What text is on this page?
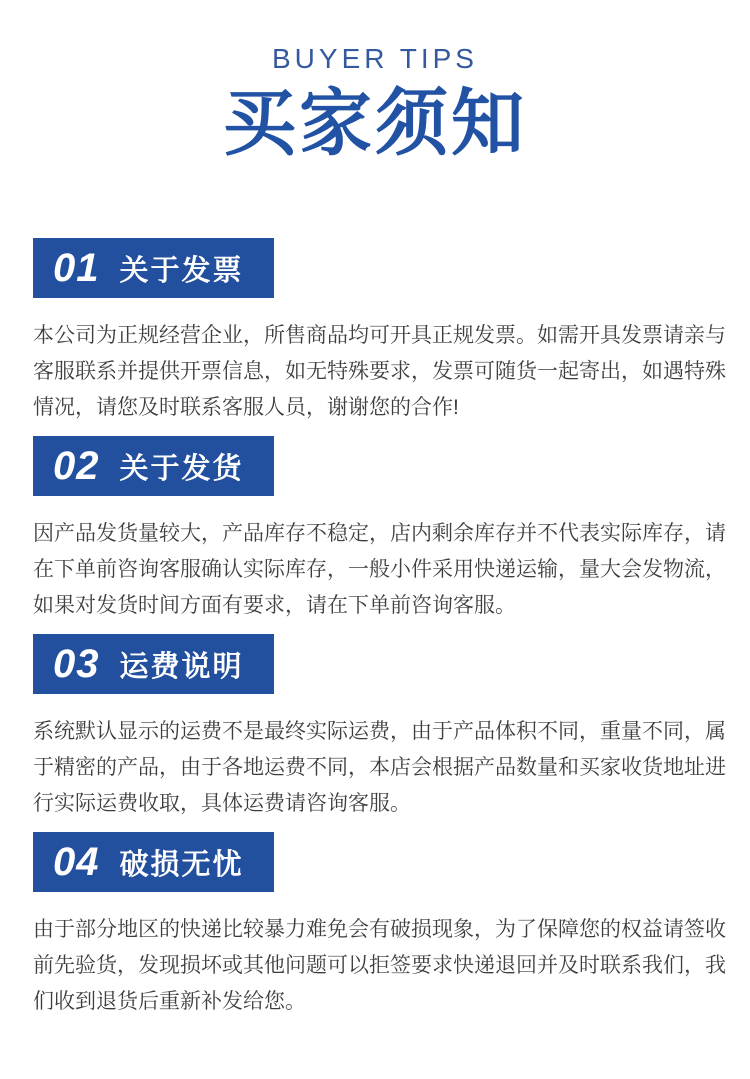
BUYER TIPS
买家须知
01 关于发票
本公司为正规经营企业，所售商品均可开具正规发票。如需开具发票请亲与客服联系并提供开票信息，如无特殊要求，发票可随货一起寄出，如遇特殊情况，请您及时联系客服人员，谢谢您的合作!
02 关于发货
因产品发货量较大，产品库存不稳定，店内剩余库存并不代表实际库存，请在下单前咨询客服确认实际库存，一般小件采用快递运输，量大会发物流，如果对发货时间方面有要求，请在下单前咨询客服。
03 运费说明
系统默认显示的运费不是最终实际运费，由于产品体积不同，重量不同，属于精密的产品，由于各地运费不同，本店会根据产品数量和买家收货地址进行实际运费收取，具体运费请咨询客服。
04 破损无忧
由于部分地区的快递比较暴力难免会有破损现象，为了保障您的权益请签收前先验货，发现损坏或其他问题可以拒签要求快递退回并及时联系我们，我们收到退货后重新补发给您。
